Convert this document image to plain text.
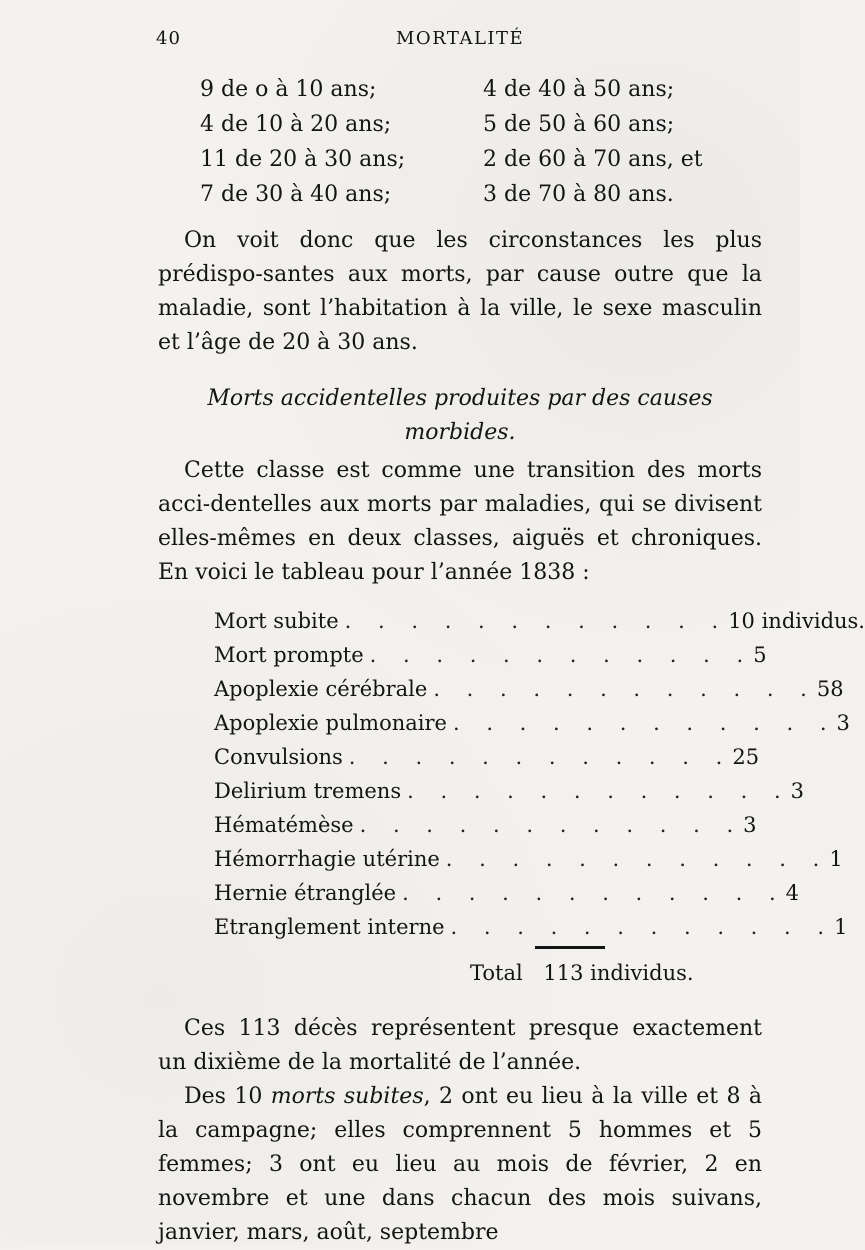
40	MORTALITÉ
9 de o à 10 ans;	4 de 40 à 50 ans;
4 de 10 à 20 ans;	5 de 50 à 60 ans;
11 de 20 à 30 ans;	2 de 60 à 70 ans, et
7 de 30 à 40 ans;	3 de 70 à 80 ans.

On voit donc que les circonstances les plus prédispo-santes aux morts, par cause outre que la maladie, sont l’habitation à la ville, le sexe masculin et l’âge de 20 à 30 ans.

Morts accidentelles produites par des causes morbides.

Cette classe est comme une transition des morts acci-dentelles aux morts par maladies, qui se divisent elles-mêmes en deux classes, aiguës et chroniques. En voici le tableau pour l’année 1838 :

Mort subite . . . . . . . . . . . . 10 individus.
Mort prompte . . . . . . . . . . . . 5
Apoplexie cérébrale . . . . . . . . . . . . 58
Apoplexie pulmonaire . . . . . . . . . . . . 3
Convulsions . . . . . . . . . . . . 25
Delirium tremens . . . . . . . . . . . . 3
Hématémèse . . . . . . . . . . . . 3
Hémorrhagie utérine . . . . . . . . . . . . 1
Hernie étranglée . . . . . . . . . . . . 4
Etranglement interne . . . . . . . . . . . . 1
Total 113 individus.

Ces 113 décès représentent presque exactement un dixième de la mortalité de l’année.

Des 10 morts subites, 2 ont eu lieu à la ville et 8 à la campagne; elles comprennent 5 hommes et 5 femmes; 3 ont eu lieu au mois de février, 2 en novembre et une dans chacun des mois suivans, janvier, mars, août, septembre
